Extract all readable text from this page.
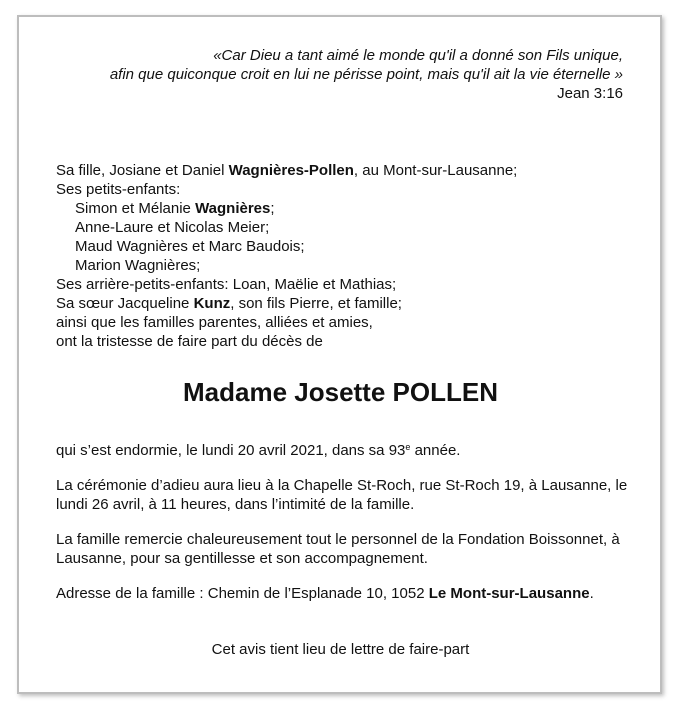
«Car Dieu a tant aimé le monde qu'il a donné son Fils unique,
afin que quiconque croit en lui ne périsse point, mais qu'il ait la vie éternelle »
Jean 3:16
Sa fille, Josiane et Daniel Wagnières-Pollen, au Mont-sur-Lausanne;
Ses petits-enfants:
Simon et Mélanie Wagnières;
Anne-Laure et Nicolas Meier;
Maud Wagnières et Marc Baudois;
Marion Wagnières;
Ses arrière-petits-enfants: Loan, Maëlie et Mathias;
Sa sœur Jacqueline Kunz, son fils Pierre, et famille;
ainsi que les familles parentes, alliées et amies,
ont la tristesse de faire part du décès de
Madame Josette POLLEN

qui s’est endormie, le lundi 20 avril 2021, dans sa 93e année.

La cérémonie d’adieu aura lieu à la Chapelle St-Roch, rue St-Roch 19, à Lausanne, le lundi 26 avril, à 11 heures, dans l’intimité de la famille.

La famille remercie chaleureusement tout le personnel de la Fondation Boissonnet, à Lausanne, pour sa gentillesse et son accompagnement.

Adresse de la famille : Chemin de l’Esplanade 10, 1052 Le Mont-sur-Lausanne.

Cet avis tient lieu de lettre de faire-part
